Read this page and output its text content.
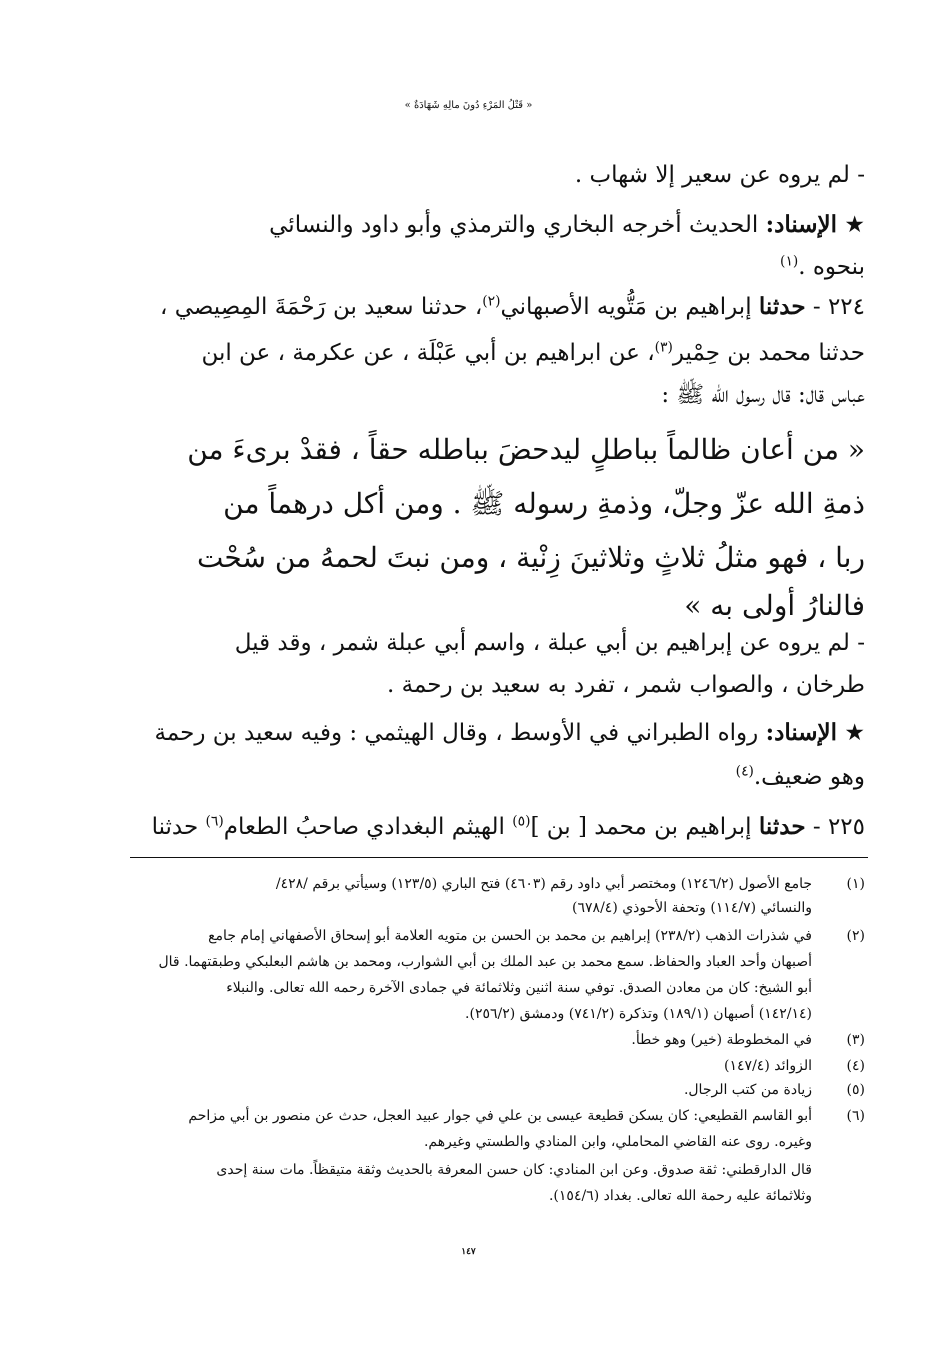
« قَتْلُ المَرْءِ دُونَ مالِهِ شَهَادَةٌ »
- لم يروه عن سعير إلا شهاب .
★ الإسناد: الحديث أخرجه البخاري والترمذي وأبو داود والنسائي
بنحوه .$^{(١)}$
٢٢٤ - حدثنا إبراهيم بن مَتُّويه الأصبهاني$^{(٢)}$، حدثنا سعيد بن رَحْمَةَ المِصِيصي ،
حدثنا محمد بن حِمْير$^{(٣)}$، عن ابراهيم بن أبي عَبْلَة ، عن عكرمة ، عن ابن
عباس قال: قال رسول الله ﷺ :
« من أعان ظالماً بباطلٍ ليدحضَ بباطله حقاً ، فقدْ برىءَ من
ذمةِ الله عزّ وجلّ، وذمةِ رسوله ﷺ . ومن أكل درهماً من
ربا ، فهو مثلُ ثلاثٍ وثلاثينَ زِنْية ، ومن نبتَ لحمهُ من سُحْت
فالنارُ أولى به »
- لم يروه عن إبراهيم بن أبي عبلة ، واسم أبي عبلة شمر ، وقد قيل
طرخان ، والصواب شمر ، تفرد به سعيد بن رحمة .
★ الإسناد: رواه الطبراني في الأوسط ، وقال الهيثمي : وفيه سعيد بن رحمة
وهو ضعيف.$^{(٤)}$
٢٢٥ - حدثنا إبراهيم بن محمد [ بن ]$^{(٥)}$ الهيثم البغدادي صاحبُ الطعام$^{(٦)}$ حدثنا
(١)
جامع الأصول (١٢٤٦/٢) ومختصر أبي داود رقم (٤٦٠٣) فتح الباري (١٢٣/٥) وسيأتي برقم /٤٢٨/
والنسائي (١١٤/٧) وتحفة الأحوذي (٦٧٨/٤)
(٢)
في شذرات الذهب (٢٣٨/٢) إبراهيم بن محمد بن الحسن بن متويه العلامة أبو إسحاق الأصفهاني إمام جامع
أصبهان وأحد العباد والحفاظ. سمع محمد بن عبد الملك بن أبي الشوارب، ومحمد بن هاشم البعلبكي وطبقتهما. قال
أبو الشيخ: كان من معادن الصدق. توفي سنة اثنين وثلاثمائة في جمادى الآخرة رحمه الله تعالى. والنبلاء
(١٤٢/١٤) أصبهان (١٨٩/١) وتذكرة (٧٤١/٢) ودمشق (٢٥٦/٢).
(٣)
في المخطوطة (خير) وهو خطأ.
(٤)
الزوائد (١٤٧/٤)
(٥)
زيادة من كتب الرجال.
(٦)
أبو القاسم القطيعي: كان يسكن قطيعة عيسى بن علي في جوار عبيد العجل، حدث عن منصور بن أبي مزاحم
وغيره. روى عنه القاضي المحاملي، وابن المنادي والطستي وغيرهم.
قال الدارقطني: ثقة صدوق. وعن ابن المنادي: كان حسن المعرفة بالحديث وثقة متيقظاً. مات سنة إحدى
وثلاثمائة عليه رحمة الله تعالى. بغداد (١٥٤/٦).
١٤٧
